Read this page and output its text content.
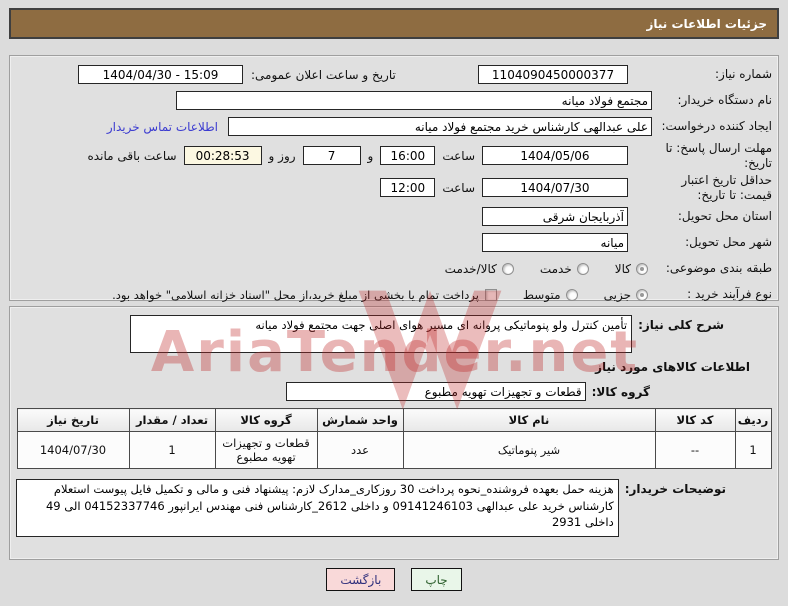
جزئیات اطلاعات نیاز
شماره نیاز:
1104090450000377
تاریخ و ساعت اعلان عمومی:
1404/04/30 - 15:09
نام دستگاه خریدار:
مجتمع فولاد میانه
ایجاد کننده درخواست:
علی عبدالهی کارشناس خرید مجتمع فولاد میانه
اطلاعات تماس خریدار
مهلت ارسال پاسخ: تا تاریخ:
1404/05/06
ساعت
16:00
و
7
روز و
00:28:53
ساعت باقی مانده
حداقل تاریخ اعتبار قیمت: تا تاریخ:
1404/07/30
ساعت
12:00
استان محل تحویل:
آذربایجان شرقی
شهر محل تحویل:
میانه
طبقه بندی موضوعی:
کالا
خدمت
کالا/خدمت
نوع فرآیند خرید :
جزیی
متوسط
پرداخت تمام یا بخشی از مبلغ خرید،از محل "اسناد خزانه اسلامی" خواهد بود.
شرح کلی نیاز:
تأمین کنترل ولو پنوماتیکی پروانه ای مسیر هوای اصلی جهت مجتمع فولاد میانه
اطلاعات کالاهای مورد نیاز
گروه کالا:
قطعات و تجهیزات تهویه مطبوع
ردیف	کد کالا	نام کالا	واحد شمارش	گروه کالا	تعداد / مقدار	تاریخ نیاز
1	--	شیر پنوماتیک	عدد	قطعات و تجهیزات تهویه مطبوع	1	1404/07/30
توضیحات خریدار:
هزینه حمل بعهده فروشنده_نحوه پرداخت 30 روزکاری_مدارک لازم: پیشنهاد فنی و مالی و تکمیل فایل پیوست استعلام کارشناس خرید علی عبدالهی 09141246103 و داخلی 2612_کارشناس فنی مهندس ایرانپور 04152337746 الی 49 داخلی 2931
بازگشت	چاپ
AriaTender.net
